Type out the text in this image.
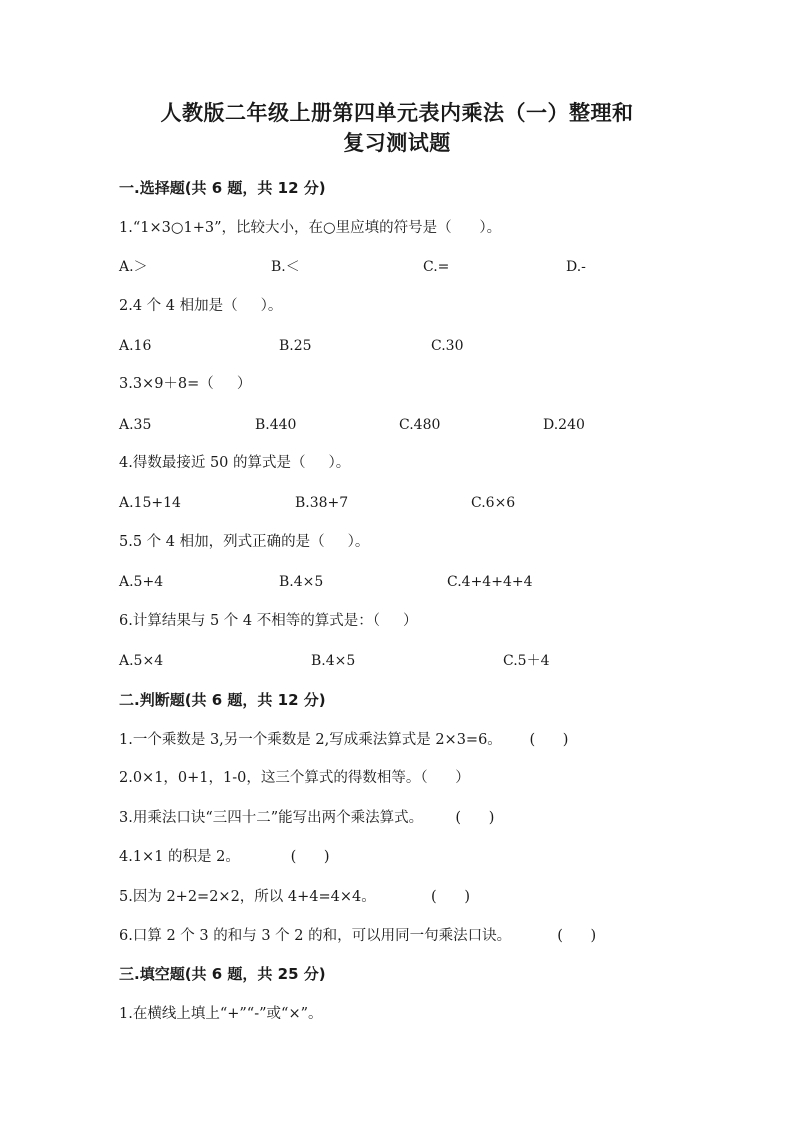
人教版二年级上册第四单元表内乘法（一）整理和
复习测试题
一.选择题(共 6 题，共 12 分)
1.“1×3○1+3”，比较大小，在○里应填的符号是（      ）。
A.＞	B.＜	C.=	D.-
2.4 个 4 相加是（     ）。
A.16	B.25	C.30
3.3×9＋8=（     ）
A.35	B.440	C.480	D.240
4.得数最接近 50 的算式是（     ）。
A.15+14	B.38+7	C.6×6
5.5 个 4 相加，列式正确的是（     ）。
A.5+4	B.4×5	C.4+4+4+4
6.计算结果与 5 个 4 不相等的算式是：（     ）
A.5×4	B.4×5	C.5＋4
二.判断题(共 6 题，共 12 分)
1.一个乘数是 3,另一个乘数是 2,写成乘法算式是 2×3=6。      (      )
2.0×1，0+1，1-0，这三个算式的得数相等。（      ）
3.用乘法口诀“三四十二”能写出两个乘法算式。       (      )
4.1×1 的积是 2。           (      )
5.因为 2+2=2×2，所以 4+4=4×4。            (      )
6.口算 2 个 3 的和与 3 个 2 的和，可以用同一句乘法口诀。          (      )
三.填空题(共 6 题，共 25 分)
1.在横线上填上“+”“-”或“×”。
